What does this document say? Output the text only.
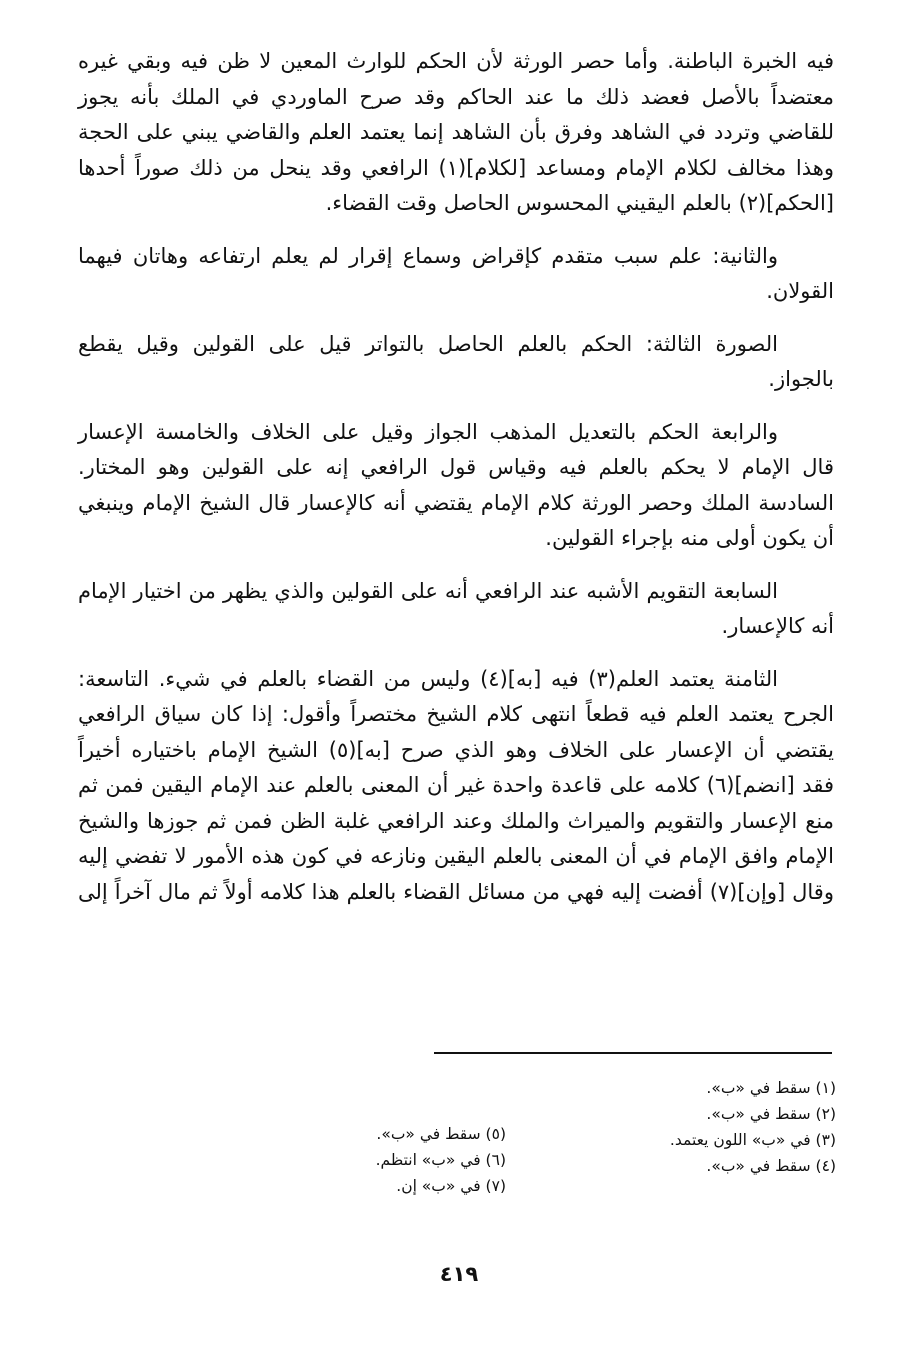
فيه الخبرة الباطنة. وأما حصر الورثة لأن الحكم للوارث المعين لا ظن فيه وبقي غيره
معتضداً بالأصل فعضد ذلك ما عند الحاكم وقد صرح الماوردي في الملك بأنه يجوز
للقاضي وتردد في الشاهد وفرق بأن الشاهد إنما يعتمد العلم والقاضي يبني على الحجة
وهذا مخالف لكلام الإمام ومساعد [لكلام](١) الرافعي وقد ينحل من ذلك صوراً أحدها
[الحكم](٢) بالعلم اليقيني المحسوس الحاصل وقت القضاء.
والثانية: علم سبب متقدم كإقراض وسماع إقرار لم يعلم ارتفاعه وهاتان فيهما
القولان.
الصورة الثالثة: الحكم بالعلم الحاصل بالتواتر قيل على القولين وقيل يقطع
بالجواز.
والرابعة الحكم بالتعديل المذهب الجواز وقيل على الخلاف والخامسة الإعسار
قال الإمام لا يحكم بالعلم فيه وقياس قول الرافعي إنه على القولين وهو المختار.
السادسة الملك وحصر الورثة كلام الإمام يقتضي أنه كالإعسار قال الشيخ الإمام وينبغي
أن يكون أولى منه بإجراء القولين.
السابعة التقويم الأشبه عند الرافعي أنه على القولين والذي يظهر من اختيار الإمام
أنه كالإعسار.
الثامنة يعتمد العلم(٣) فيه [به](٤) وليس من القضاء بالعلم في شيء. التاسعة:
الجرح يعتمد العلم فيه قطعاً انتهى كلام الشيخ مختصراً وأقول: إذا كان سياق الرافعي
يقتضي أن الإعسار على الخلاف وهو الذي صرح [به](٥) الشيخ الإمام باختياره أخيراً
فقد [انضم](٦) كلامه على قاعدة واحدة غير أن المعنى بالعلم عند الإمام اليقين فمن ثم
منع الإعسار والتقويم والميراث والملك وعند الرافعي غلبة الظن فمن ثم جوزها والشيخ
الإمام وافق الإمام في أن المعنى بالعلم اليقين ونازعه في كون هذه الأمور لا تفضي إليه
وقال [وإن](٧) أفضت إليه فهي من مسائل القضاء بالعلم هذا كلامه أولاً ثم مال آخراً إلى
(١) سقط في «ب».
(٢) سقط في «ب».
(٣) في «ب» اللون يعتمد.
(٤) سقط في «ب».
(٥) سقط في «ب».
(٦) في «ب» انتظم.
(٧) في «ب» إن.
٤١٩
